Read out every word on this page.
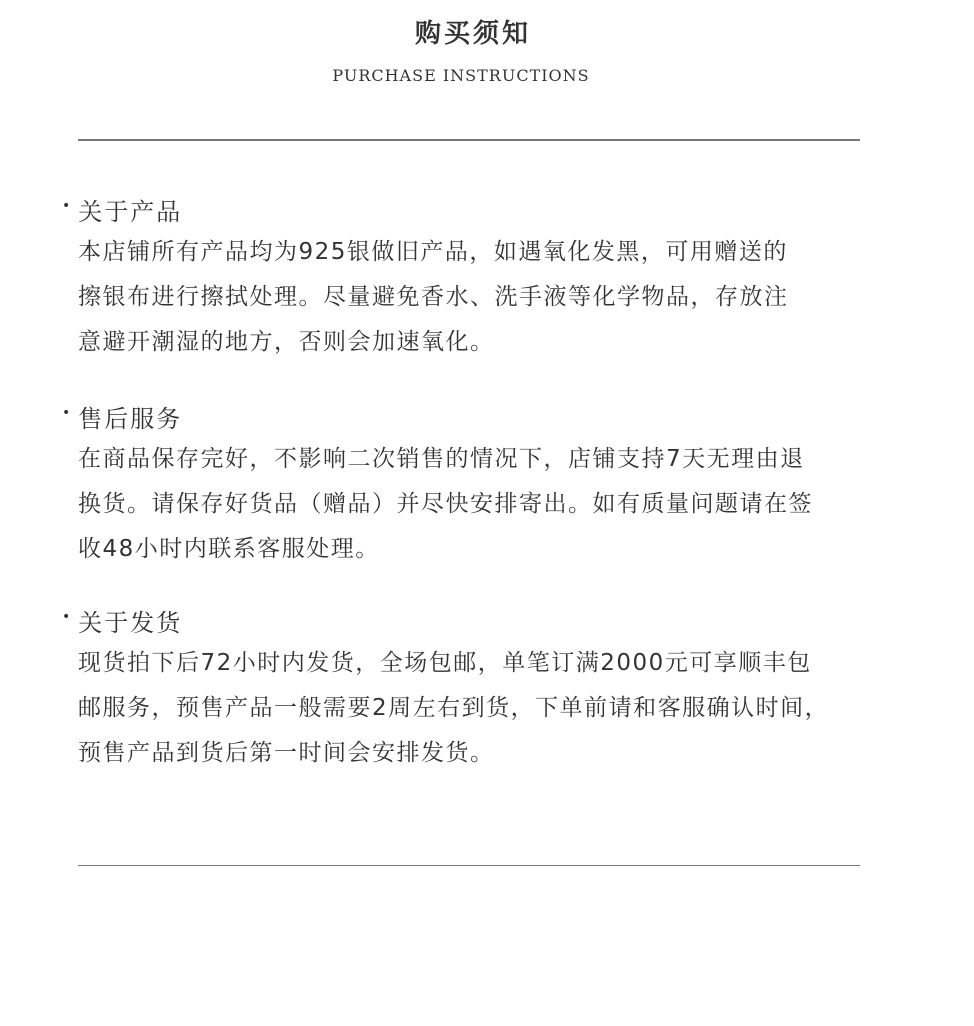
购买须知
PURCHASE INSTRUCTIONS
• 关于产品
本店铺所有产品均为925银做旧产品，如遇氧化发黑，可用赠送的
擦银布进行擦拭处理。尽量避免香水、洗手液等化学物品，存放注
意避开潮湿的地方，否则会加速氧化。
• 售后服务
在商品保存完好，不影响二次销售的情况下，店铺支持7天无理由退
换货。请保存好货品（赠品）并尽快安排寄出。如有质量问题请在签
收48小时内联系客服处理。
• 关于发货
现货拍下后72小时内发货，全场包邮，单笔订满2000元可享顺丰包
邮服务，预售产品一般需要2周左右到货，下单前请和客服确认时间，
预售产品到货后第一时间会安排发货。
